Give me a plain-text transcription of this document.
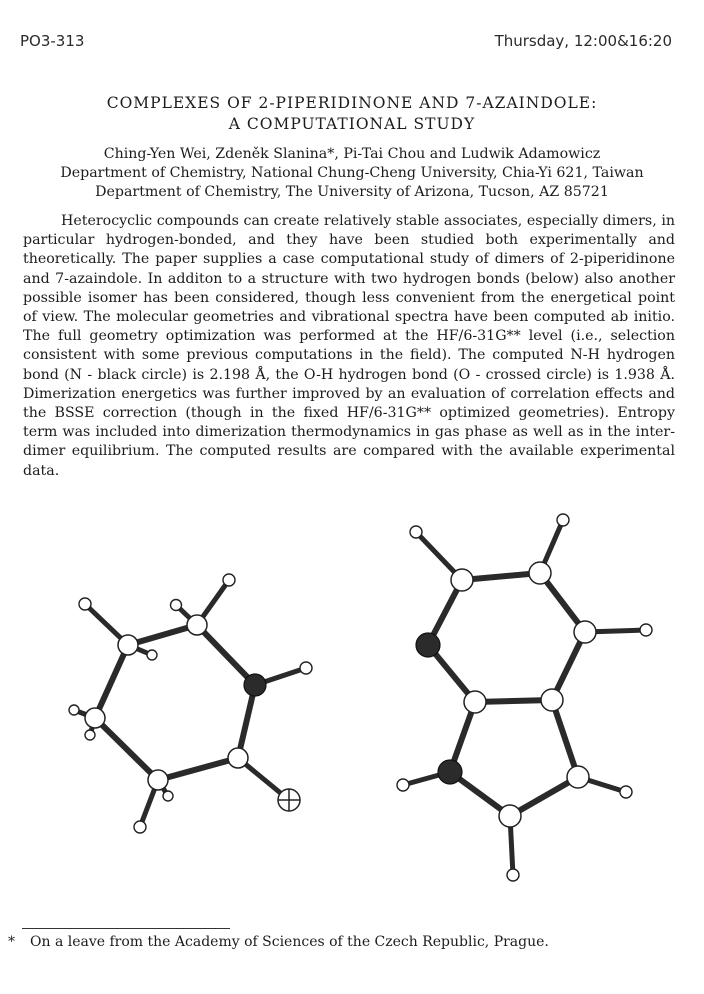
PO3-313	Thursday, 12:00&16:20
COMPLEXES OF 2-PIPERIDINONE AND 7-AZAINDOLE:
A COMPUTATIONAL STUDY
Ching-Yen Wei, Zdeněk Slanina*, Pi-Tai Chou and Ludwik Adamowicz
Department of Chemistry, National Chung-Cheng University, Chia-Yi 621, Taiwan
Department of Chemistry, The University of Arizona, Tucson, AZ 85721

Heterocyclic compounds can create relatively stable associates, especially dimers, in particular hydrogen-bonded, and they have been studied both experimentally and theoretically. The paper supplies a case computational study of dimers of 2-piperidinone and 7-azaindole. In additon to a structure with two hydrogen bonds (below) also another possible isomer has been considered, though less convenient from the energetical point of view. The molecular geometries and vibrational spectra have been computed ab initio. The full geometry optimization was performed at the HF/6-31G** level (i.e., selection consistent with some previous computations in the field). The computed N-H hydrogen bond (N - black circle) is 2.198 Å, the O-H hydrogen bond (O - crossed circle) is 1.938 Å. Dimerization energetics was further improved by an evaluation of correlation effects and the BSSE correction (though in the fixed HF/6-31G** optimized geometries). Entropy term was included into dimerization thermodynamics in gas phase as well as in the inter-dimer equilibrium. The computed results are compared with the available experimental data.

* On a leave from the Academy of Sciences of the Czech Republic, Prague.
